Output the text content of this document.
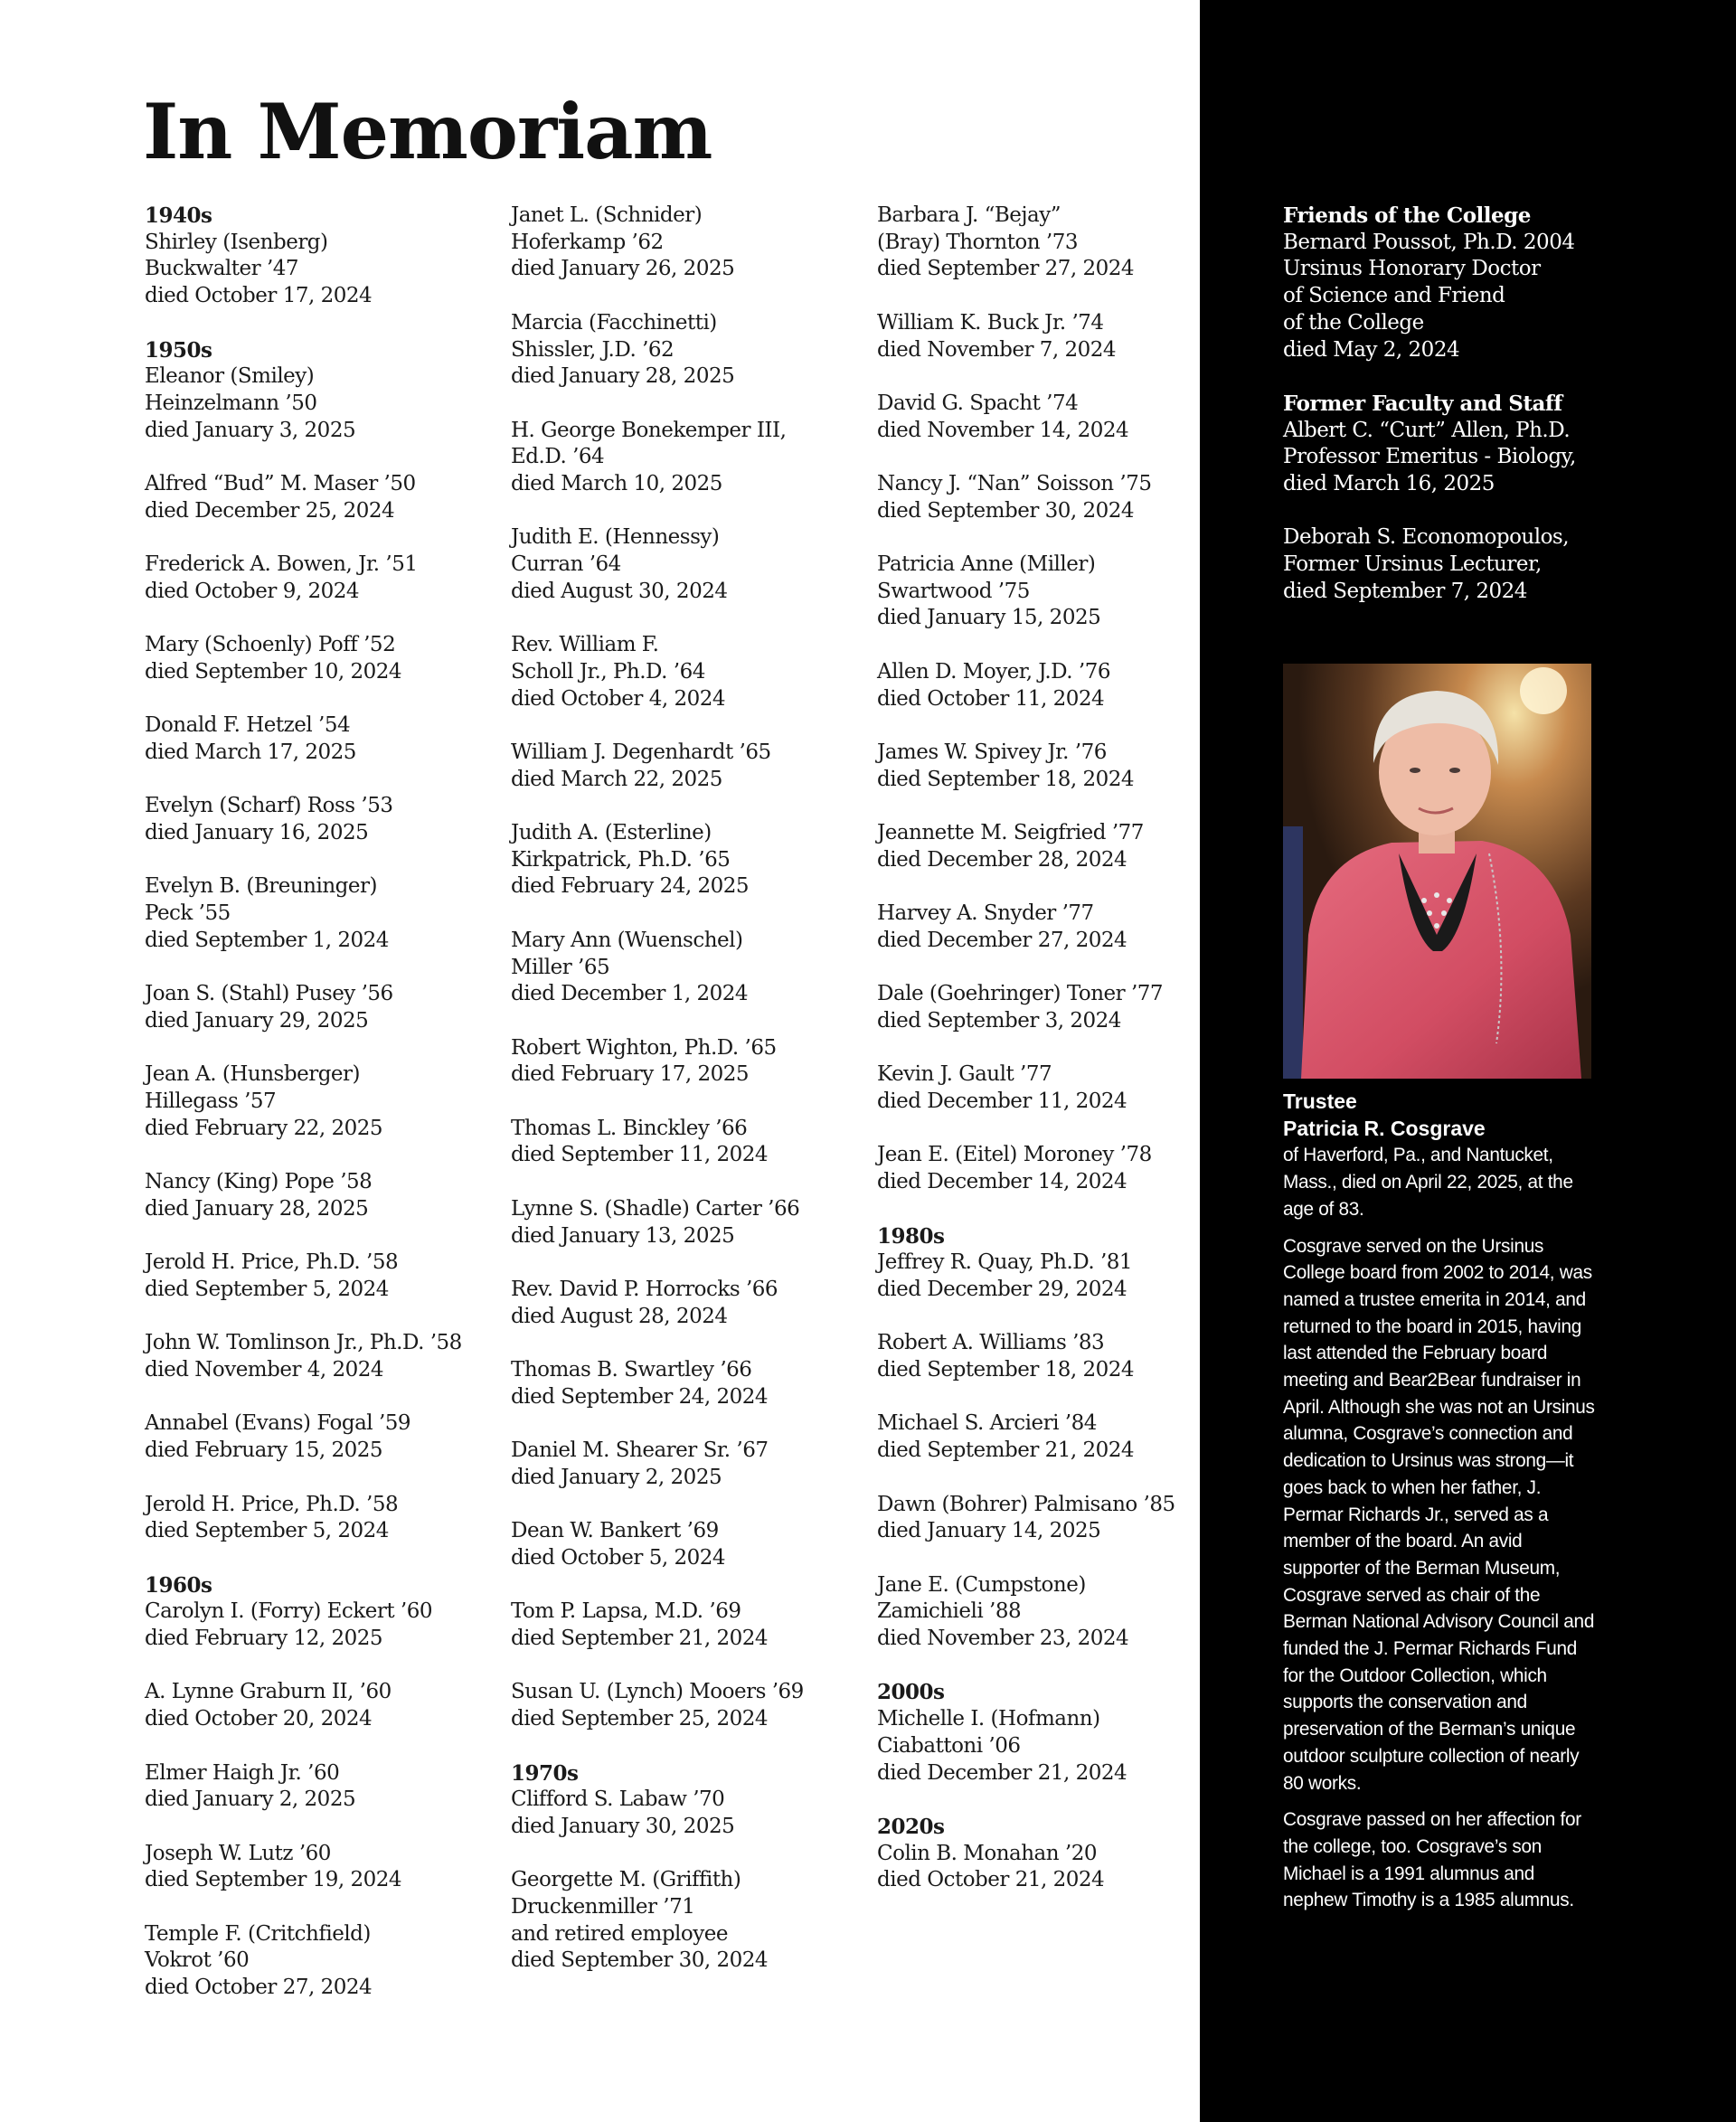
In Memoriam
1940s
Shirley (Isenberg)
Buckwalter ’47
died October 17, 2024
1950s
Eleanor (Smiley)
Heinzelmann ’50
died January 3, 2025
Alfred “Bud” M. Maser ’50
died December 25, 2024
Frederick A. Bowen, Jr. ’51
died October 9, 2024
Mary (Schoenly) Poff ’52
died September 10, 2024
Donald F. Hetzel ’54
died March 17, 2025
Evelyn (Scharf) Ross ’53
died January 16, 2025
Evelyn B. (Breuninger)
Peck ’55
died September 1, 2024
Joan S. (Stahl) Pusey ’56
died January 29, 2025
Jean A. (Hunsberger)
Hillegass ’57
died February 22, 2025
Nancy (King) Pope ’58
died January 28, 2025
Jerold H. Price, Ph.D. ’58
died September 5, 2024
John W. Tomlinson Jr., Ph.D. ’58
died November 4, 2024
Annabel (Evans) Fogal ’59
died February 15, 2025
Jerold H. Price, Ph.D. ’58
died September 5, 2024
1960s
Carolyn I. (Forry) Eckert ’60
died February 12, 2025
A. Lynne Graburn II, ’60
died October 20, 2024
Elmer Haigh Jr. ’60
died January 2, 2025
Joseph W. Lutz ’60
died September 19, 2024
Temple F. (Critchfield)
Vokrot ’60
died October 27, 2024
Janet L. (Schnider)
Hoferkamp ’62
died January 26, 2025
Marcia (Facchinetti)
Shissler, J.D. ’62
died January 28, 2025
H. George Bonekemper III,
Ed.D. ’64
died March 10, 2025
Judith E. (Hennessy)
Curran ’64
died August 30, 2024
Rev. William F.
Scholl Jr., Ph.D. ’64
died October 4, 2024
William J. Degenhardt ’65
died March 22, 2025
Judith A. (Esterline)
Kirkpatrick, Ph.D. ’65
died February 24, 2025
Mary Ann (Wuenschel)
Miller ’65
died December 1, 2024
Robert Wighton, Ph.D. ’65
died February 17, 2025
Thomas L. Binckley ’66
died September 11, 2024
Lynne S. (Shadle) Carter ’66
died January 13, 2025
Rev. David P. Horrocks ’66
died August 28, 2024
Thomas B. Swartley ’66
died September 24, 2024
Daniel M. Shearer Sr. ’67
died January 2, 2025
Dean W. Bankert ’69
died October 5, 2024
Tom P. Lapsa, M.D. ’69
died September 21, 2024
Susan U. (Lynch) Mooers ’69
died September 25, 2024
1970s
Clifford S. Labaw ’70
died January 30, 2025
Georgette M. (Griffith)
Druckenmiller ’71
and retired employee
died September 30, 2024
Barbara J. “Bejay”
(Bray) Thornton ’73
died September 27, 2024
William K. Buck Jr. ’74
died November 7, 2024
David G. Spacht ’74
died November 14, 2024
Nancy J. “Nan” Soisson ’75
died September 30, 2024
Patricia Anne (Miller)
Swartwood ’75
died January 15, 2025
Allen D. Moyer, J.D. ’76
died October 11, 2024
James W. Spivey Jr. ’76
died September 18, 2024
Jeannette M. Seigfried ’77
died December 28, 2024
Harvey A. Snyder ’77
died December 27, 2024
Dale (Goehringer) Toner ’77
died September 3, 2024
Kevin J. Gault ’77
died December 11, 2024
Jean E. (Eitel) Moroney ’78
died December 14, 2024
1980s
Jeffrey R. Quay, Ph.D. ’81
died December 29, 2024
Robert A. Williams ’83
died September 18, 2024
Michael S. Arcieri ’84
died September 21, 2024
Dawn (Bohrer) Palmisano ’85
died January 14, 2025
Jane E. (Cumpstone)
Zamichieli ’88
died November 23, 2024
2000s
Michelle I. (Hofmann)
Ciabattoni ’06
died December 21, 2024
2020s
Colin B. Monahan ’20
died October 21, 2024
Friends of the College
Bernard Poussot, Ph.D. 2004
Ursinus Honorary Doctor
of Science and Friend
of the College
died May 2, 2024
Former Faculty and Staff
Albert C. “Curt” Allen, Ph.D.
Professor Emeritus - Biology,
died March 16, 2025
Deborah S. Economopoulos,
Former Ursinus Lecturer,
died September 7, 2024
Trustee
Patricia R. Cosgrave

of Haverford, Pa., and Nantucket, Mass., died on April 22, 2025, at the age of 83.

Cosgrave served on the Ursinus College board from 2002 to 2014, was named a trustee emerita in 2014, and returned to the board in 2015, having last attended the February board meeting and Bear2Bear fundraiser in April. Although she was not an Ursinus alumna, Cosgrave’s connection and dedication to Ursinus was strong—it goes back to when her father, J. Permar Richards Jr., served as a member of the board. An avid supporter of the Berman Museum, Cosgrave served as chair of the Berman National Advisory Council and funded the J. Permar Richards Fund for the Outdoor Collection, which supports the conservation and preservation of the Berman’s unique outdoor sculpture collection of nearly 80 works.

Cosgrave passed on her affection for the college, too. Cosgrave’s son Michael is a 1991 alumnus and nephew Timothy is a 1985 alumnus.
